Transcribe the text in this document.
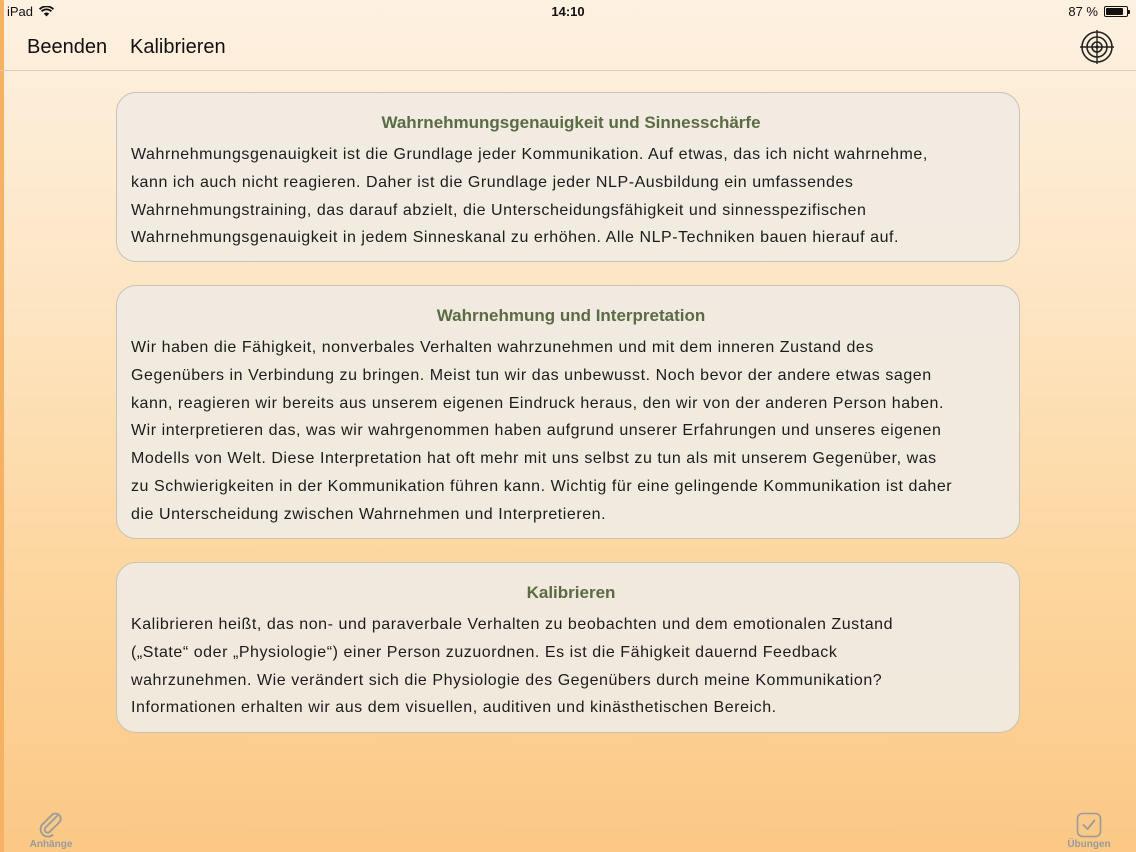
iPad	14:10	87 %
Beenden Kalibrieren
Wahrnehmungsgenauigkeit und Sinnesschärfe
Wahrnehmungsgenauigkeit ist die Grundlage jeder Kommunikation. Auf etwas, das ich nicht wahrnehme,
kann ich auch nicht reagieren. Daher ist die Grundlage jeder NLP-Ausbildung ein umfassendes
Wahrnehmungstraining, das darauf abzielt, die Unterscheidungsfähigkeit und sinnesspezifischen
Wahrnehmungsgenauigkeit in jedem Sinneskanal zu erhöhen. Alle NLP-Techniken bauen hierauf auf.
Wahrnehmung und Interpretation
Wir haben die Fähigkeit, nonverbales Verhalten wahrzunehmen und mit dem inneren Zustand des
Gegenübers in Verbindung zu bringen. Meist tun wir das unbewusst. Noch bevor der andere etwas sagen
kann, reagieren wir bereits aus unserem eigenen Eindruck heraus, den wir von der anderen Person haben.
Wir interpretieren das, was wir wahrgenommen haben aufgrund unserer Erfahrungen und unseres eigenen
Modells von Welt. Diese Interpretation hat oft mehr mit uns selbst zu tun als mit unserem Gegenüber, was
zu Schwierigkeiten in der Kommunikation führen kann. Wichtig für eine gelingende Kommunikation ist daher
die Unterscheidung zwischen Wahrnehmen und Interpretieren.
Kalibrieren
Kalibrieren heißt, das non- und paraverbale Verhalten zu beobachten und dem emotionalen Zustand
(„State“ oder „Physiologie“) einer Person zuzuordnen. Es ist die Fähigkeit dauernd Feedback
wahrzunehmen. Wie verändert sich die Physiologie des Gegenübers durch meine Kommunikation?
Informationen erhalten wir aus dem visuellen, auditiven und kinästhetischen Bereich.
Anhänge	Übungen
